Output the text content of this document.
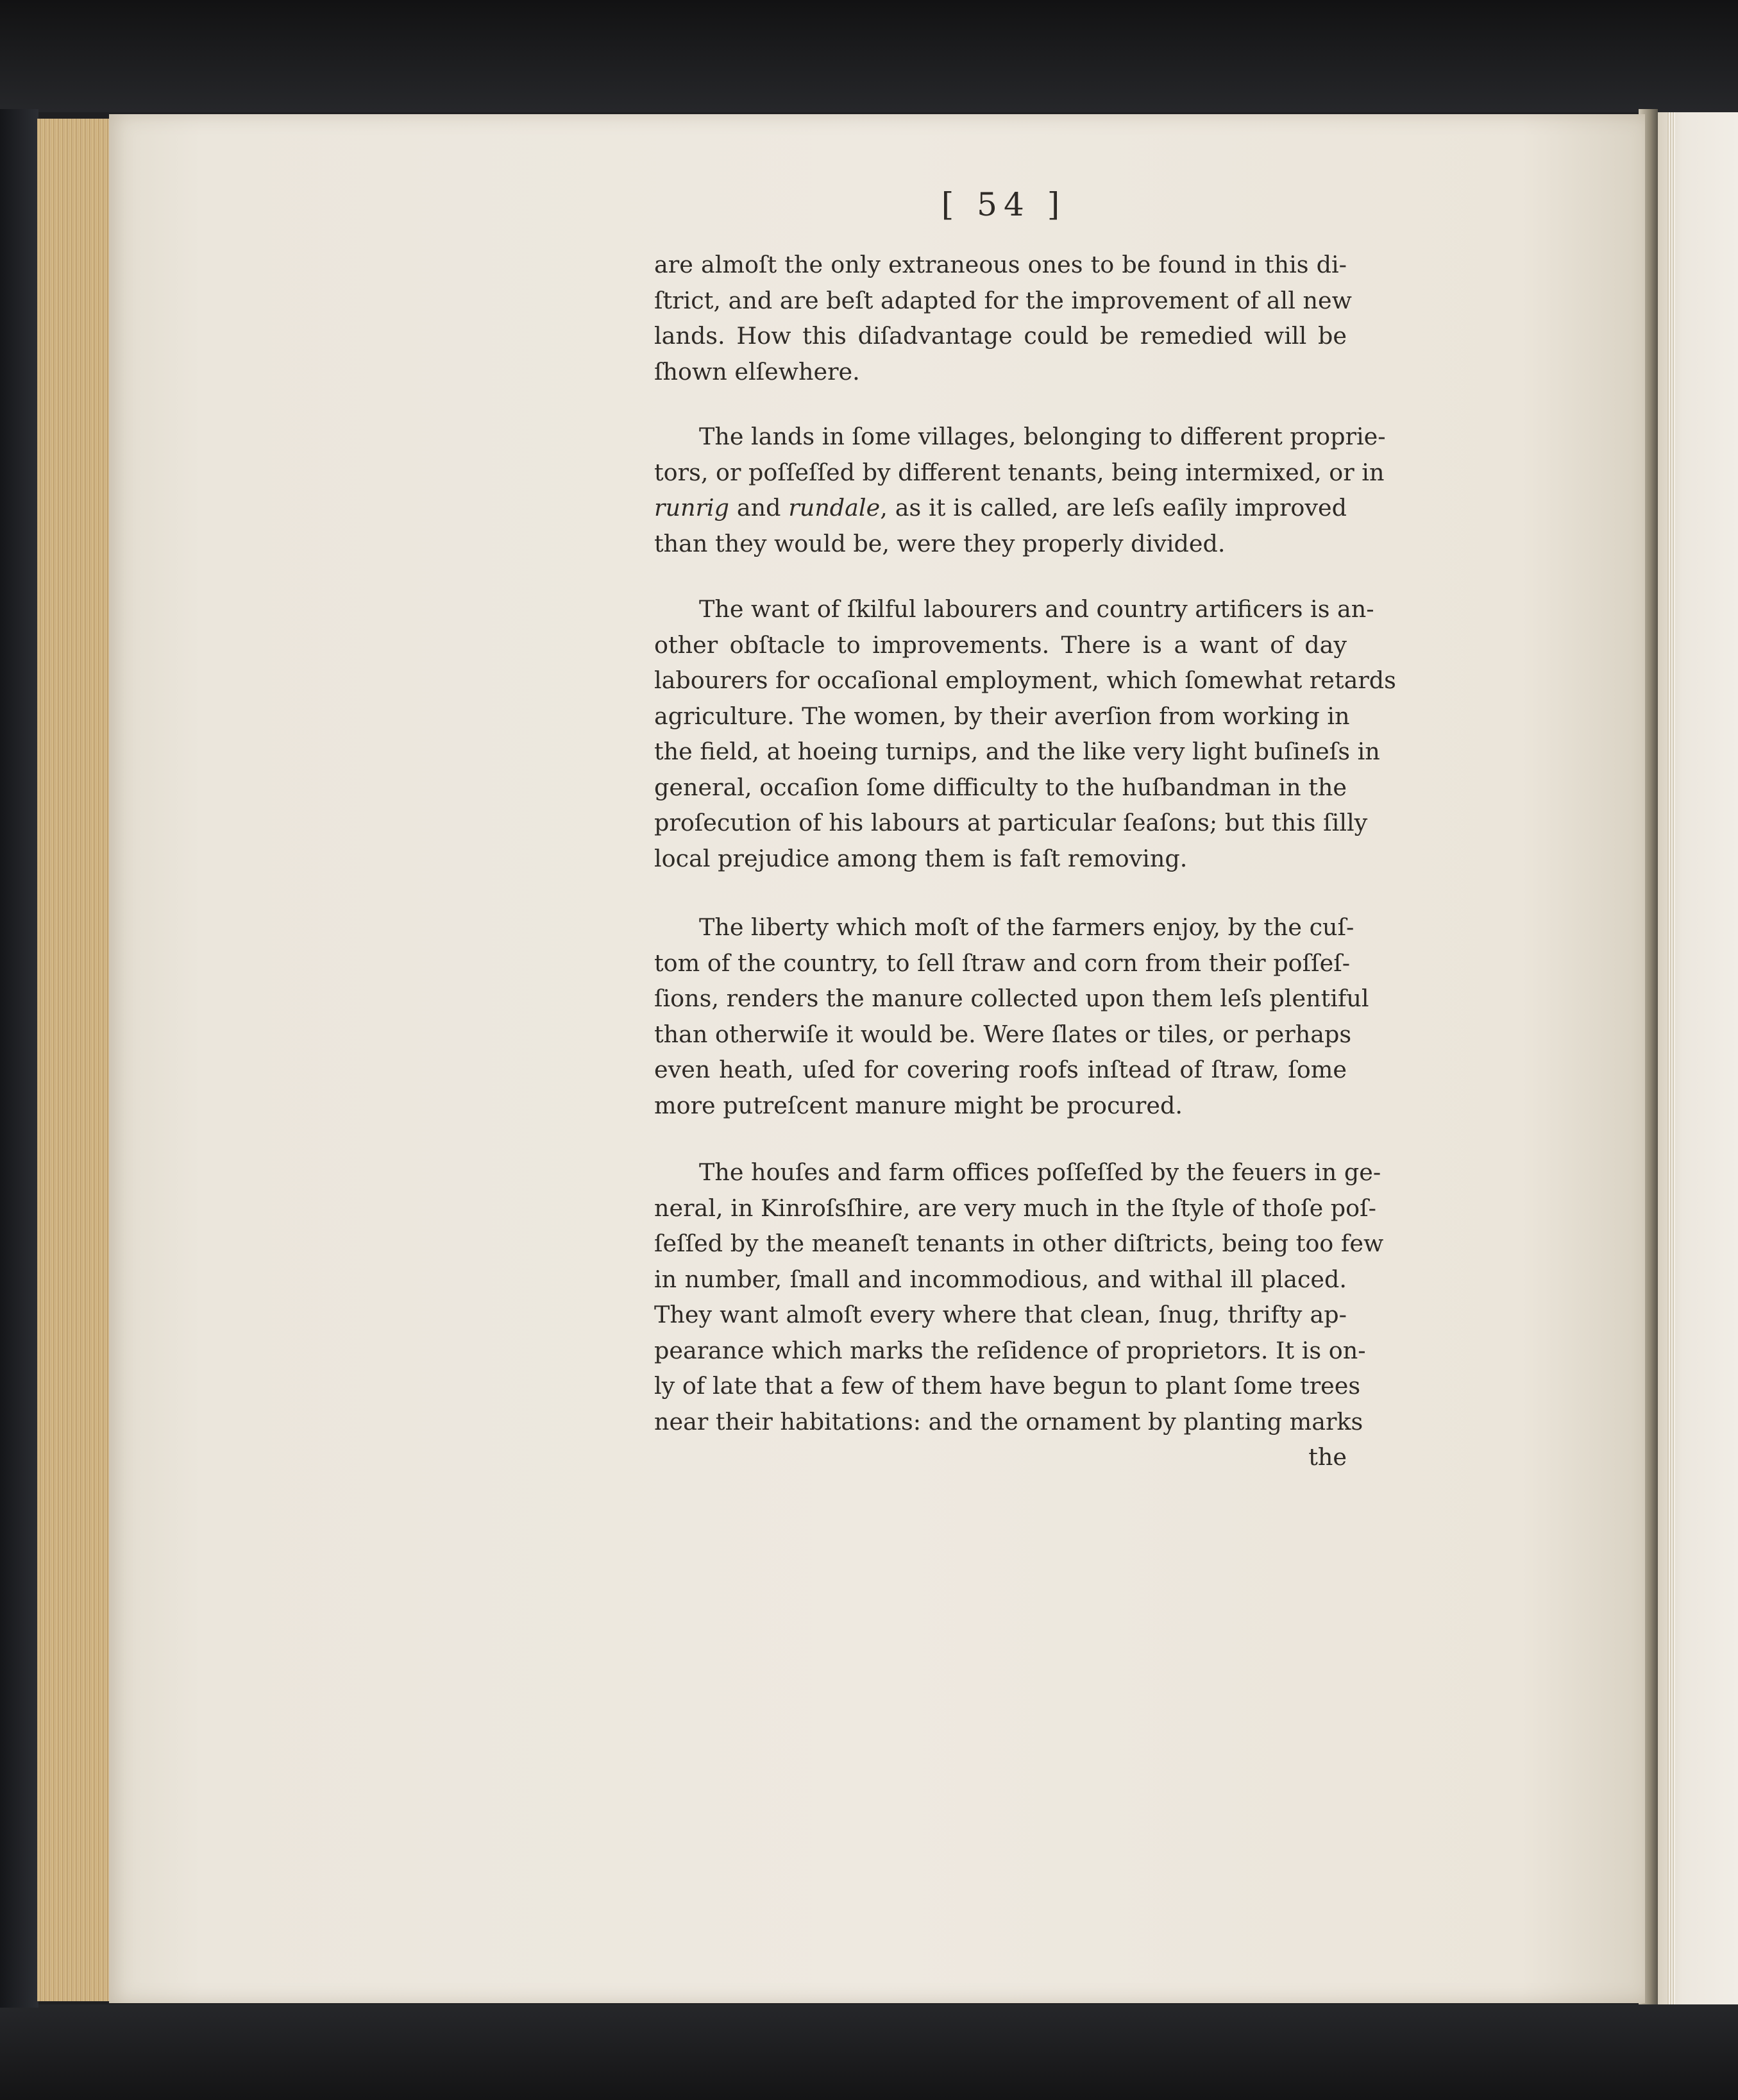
[ 54 ]
are almoſt the only extraneous ones to be found in this di-
ſtrict, and are beſt adapted for the improvement of all new
lands. How this diſadvantage could be remedied will be
ſhown elſewhere.
The lands in ſome villages, belonging to different proprie-
tors, or poſſeſſed by different tenants, being intermixed, or in
runrig and rundale, as it is called, are leſs eaſily improved
than they would be, were they properly divided.
The want of ſkilful labourers and country artificers is an-
other obſtacle to improvements. There is a want of day
labourers for occaſional employment, which ſomewhat retards
agriculture. The women, by their averſion from working in
the field, at hoeing turnips, and the like very light buſineſs in
general, occaſion ſome difficulty to the huſbandman in the
proſecution of his labours at particular ſeaſons; but this ſilly
local prejudice among them is faſt removing.
The liberty which moſt of the farmers enjoy, by the cuſ-
tom of the country, to ſell ſtraw and corn from their poſſeſ-
ſions, renders the manure collected upon them leſs plentiful
than otherwiſe it would be. Were ſlates or tiles, or perhaps
even heath, uſed for covering roofs inſtead of ſtraw, ſome
more putreſcent manure might be procured.
The houſes and farm offices poſſeſſed by the feuers in ge-
neral, in Kinroſsſhire, are very much in the ſtyle of thoſe poſ-
ſeſſed by the meaneſt tenants in other diſtricts, being too few
in number, ſmall and incommodious, and withal ill placed.
They want almoſt every where that clean, ſnug, thrifty ap-
pearance which marks the reſidence of proprietors. It is on-
ly of late that a few of them have begun to plant ſome trees
near their habitations: and the ornament by planting marks
the
